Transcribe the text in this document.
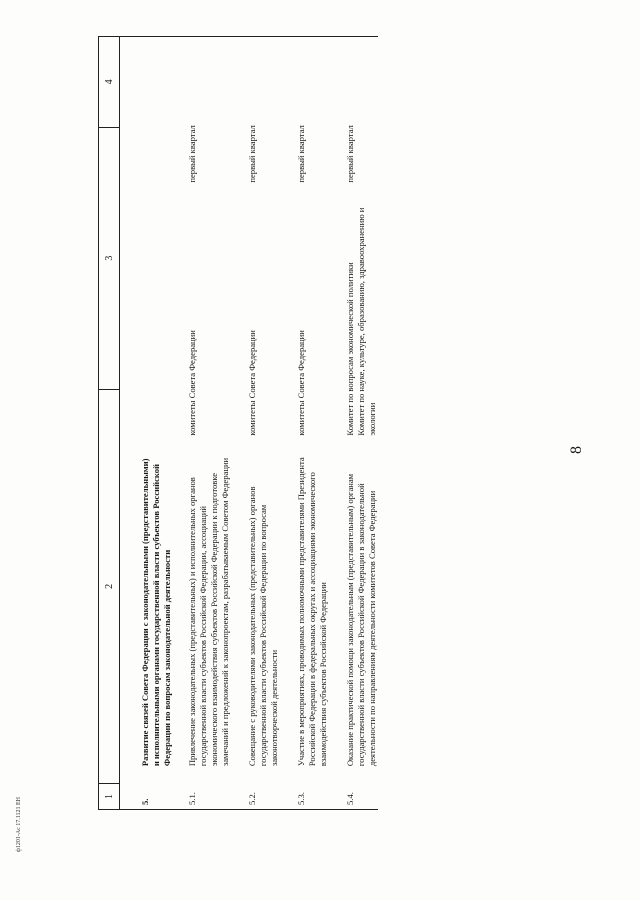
8
ф1201-Ас 17.1121 ЕН
1
2
3
4
5.
Развитие связей Совета Федерации с законодательными (представительными) и исполнительными органами государственной власти субъектов Российской Федерации по вопросам законодательной деятельности
5.1.
Привлечение законодательных (представительных) и исполнительных органов государственной власти субъектов Российской Федерации, ассоциаций экономического взаимодействия субъектов Российской Федерации к подготовке замечаний и предложений к законопроектам, разрабатываемым Советом Федерации
комитеты Совета Федерации
первый квартал
5.2.
Совещание с руководителями законодательных (представительных) органов государственной власти субъектов Российской Федерации по вопросам законотворческой деятельности
комитеты Совета Федерации
первый квартал
5.3.
Участие в мероприятиях, проводимых полномочными представителями Президента Российской Федерации в федеральных округах и ассоциациями экономического взаимодействия субъектов Российской Федерации
комитеты Совета Федерации
первый квартал
5.4.
Оказание практической помощи законодательным (представительным) органам государственной власти субъектов Российской Федерации в законодательной деятельности по направлениям деятельности комитетов Совета Федерации
Комитет по вопросам экономической политики
Комитет по науке, культуре, образованию, здравоохранению и экологии
первый квартал
